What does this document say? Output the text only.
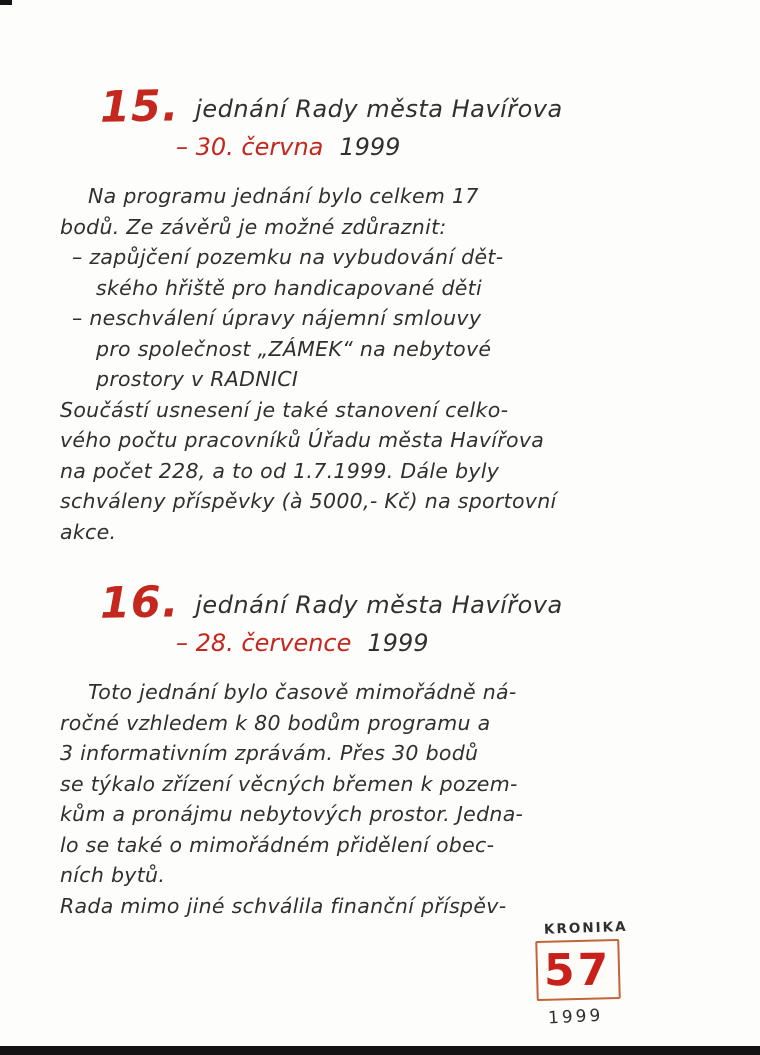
15. jednání Rady města Havířova
– 30. června 1999
Na programu jednání bylo celkem 17
bodů. Ze závěrů je možné zdůraznit:
– zapůjčení pozemku na vybudování dět-
ského hřiště pro handicapované děti
– neschválení úpravy nájemní smlouvy
pro společnost „ZÁMEK“ na nebytové
prostory v RADNICI
Součástí usnesení je také stanovení celko-
vého počtu pracovníků Úřadu města Havířova
na počet 228, a to od 1.7.1999. Dále byly
schváleny příspěvky (à 5000,- Kč) na sportovní
akce.
16. jednání Rady města Havířova
– 28. července 1999
Toto jednání bylo časově mimořádně ná-
ročné vzhledem k 80 bodům programu a
3 informativním zprávám. Přes 30 bodů
se týkalo zřízení věcných břemen k pozem-
kům a pronájmu nebytových prostor. Jedna-
lo se také o mimořádném přidělení obec-
ních bytů.
Rada mimo jiné schválila finanční příspěv-
KRONIKA
57
1999
